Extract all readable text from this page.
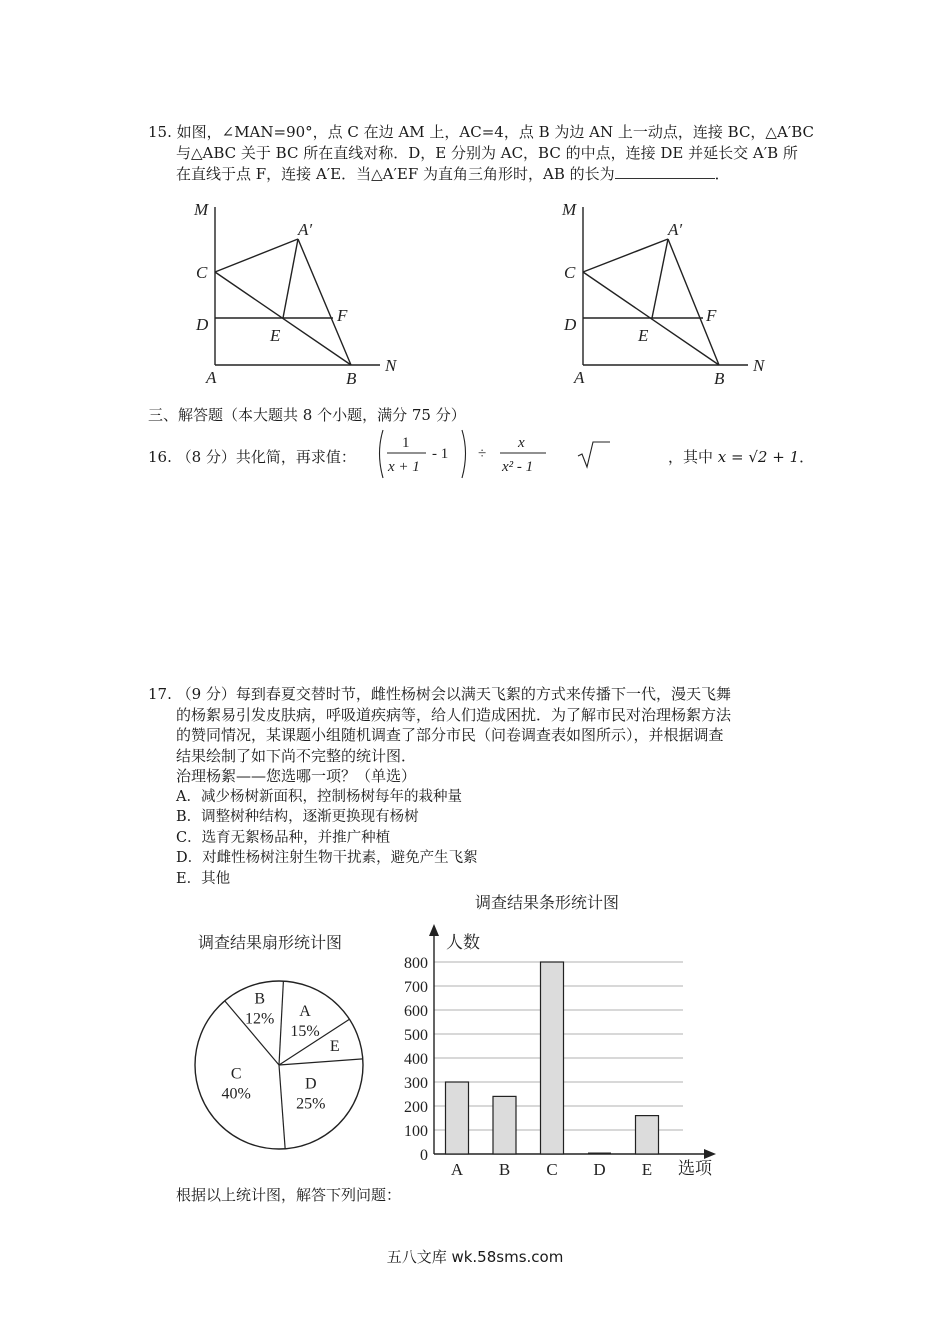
15. 如图，∠MAN=90°，点 C 在边 AM 上，AC=4，点 B 为边 AN 上一动点，连接 BC，△A′BC
与△ABC 关于 BC 所在直线对称．D，E 分别为 AC，BC 的中点，连接 DE 并延长交 A′B 所
在直线于点 F，连接 A′E．当△A′EF 为直角三角形时，AB 的长为	．
M
A′
C
D	F
E
A	B
N
M
A′
C
D	F
E
A	B
N
三、解答题（本大题共 8 个小题，满分 75 分）
16. （8 分）共化简，再求值：
1
x + 1
- 1 ÷
x
x² - 1
，其中 x = √2 + 1．
17. （9 分）每到春夏交替时节，雌性杨树会以满天飞絮的方式来传播下一代，漫天飞舞
的杨絮易引发皮肤病，呼吸道疾病等，给人们造成困扰．为了解市民对治理杨絮方法
的赞同情况，某课题小组随机调查了部分市民（问卷调查表如图所示），并根据调查
结果绘制了如下尚不完整的统计图．
治理杨絮——您选哪一项？（单选）
A．减少杨树新面积，控制杨树每年的栽种量
B．调整树种结构，逐渐更换现有杨树
C．选育无絮杨品种，并推广种植
D．对雌性杨树注射生物干扰素，避免产生飞絮
E．其他
调查结果扇形统计图
A
15%
E
D
25%
C
40%
B
12%
调查结果条形统计图
0
100
200
300
400
500
600
700
800
人数
选项
A B C D E
根据以上统计图，解答下列问题：
五八文库 wk.58sms.com
